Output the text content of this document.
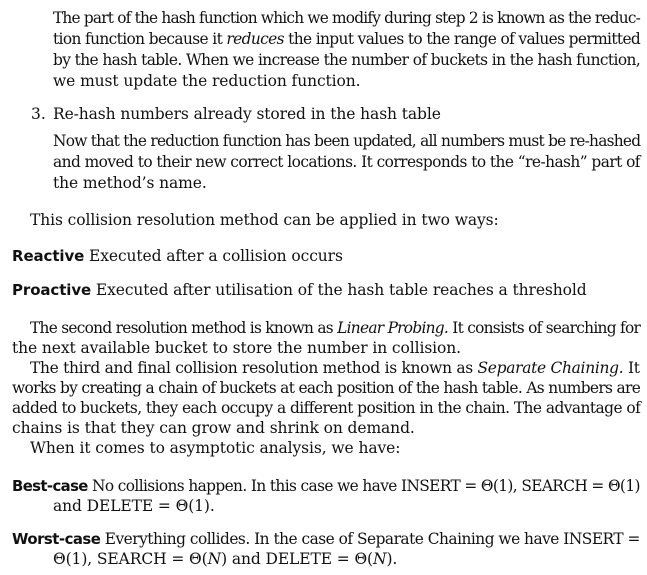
The part of the hash function which we modify during step 2 is known as the reduc-
tion function because it reduces the input values to the range of values permitted
by the hash table. When we increase the number of buckets in the hash function,
we must update the reduction function.
3. Re-hash numbers already stored in the hash table
Now that the reduction function has been updated, all numbers must be re-hashed
and moved to their new correct locations. It corresponds to the “re-hash” part of
the method’s name.
This collision resolution method can be applied in two ways:
Reactive Executed after a collision occurs
Proactive Executed after utilisation of the hash table reaches a threshold
The second resolution method is known as Linear Probing. It consists of searching for
the next available bucket to store the number in collision.
The third and final collision resolution method is known as Separate Chaining. It
works by creating a chain of buckets at each position of the hash table. As numbers are
added to buckets, they each occupy a different position in the chain. The advantage of
chains is that they can grow and shrink on demand.
When it comes to asymptotic analysis, we have:
Best-case No collisions happen. In this case we have INSERT = Θ(1), SEARCH = Θ(1)
and DELETE = Θ(1).
Worst-case Everything collides. In the case of Separate Chaining we have INSERT =
Θ(1), SEARCH = Θ(N) and DELETE = Θ(N).
